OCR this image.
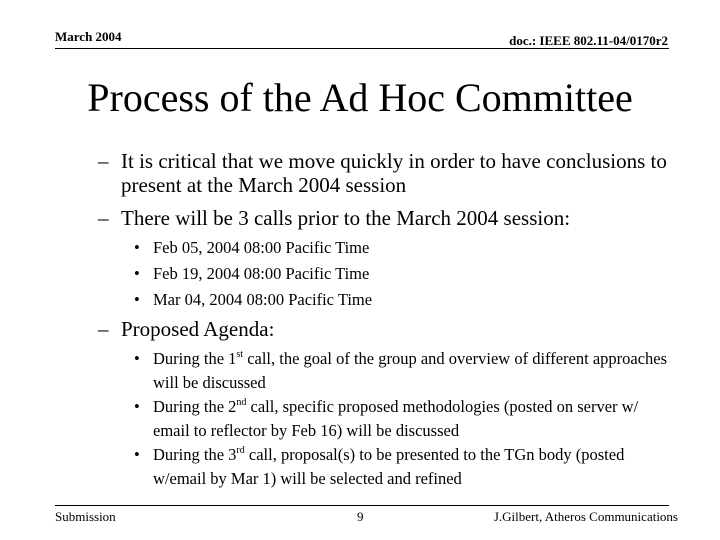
March 2004	doc.: IEEE 802.11-04/0170r2
Process of the Ad Hoc Committee
– It is critical that we move quickly in order to have conclusions to present at the March 2004 session
– There will be 3 calls prior to the March 2004 session:
• Feb 05, 2004 08:00 Pacific Time
• Feb 19, 2004 08:00 Pacific Time
• Mar 04, 2004 08:00 Pacific Time
– Proposed Agenda:
• During the 1st call, the goal of the group and overview of different approaches will be discussed
• During the 2nd call, specific proposed methodologies (posted on server w/ email to reflector by Feb 16) will be discussed
• During the 3rd call, proposal(s) to be presented to the TGn body (posted w/email by Mar 1) will be selected and refined
Submission	9	J.Gilbert, Atheros Communications
